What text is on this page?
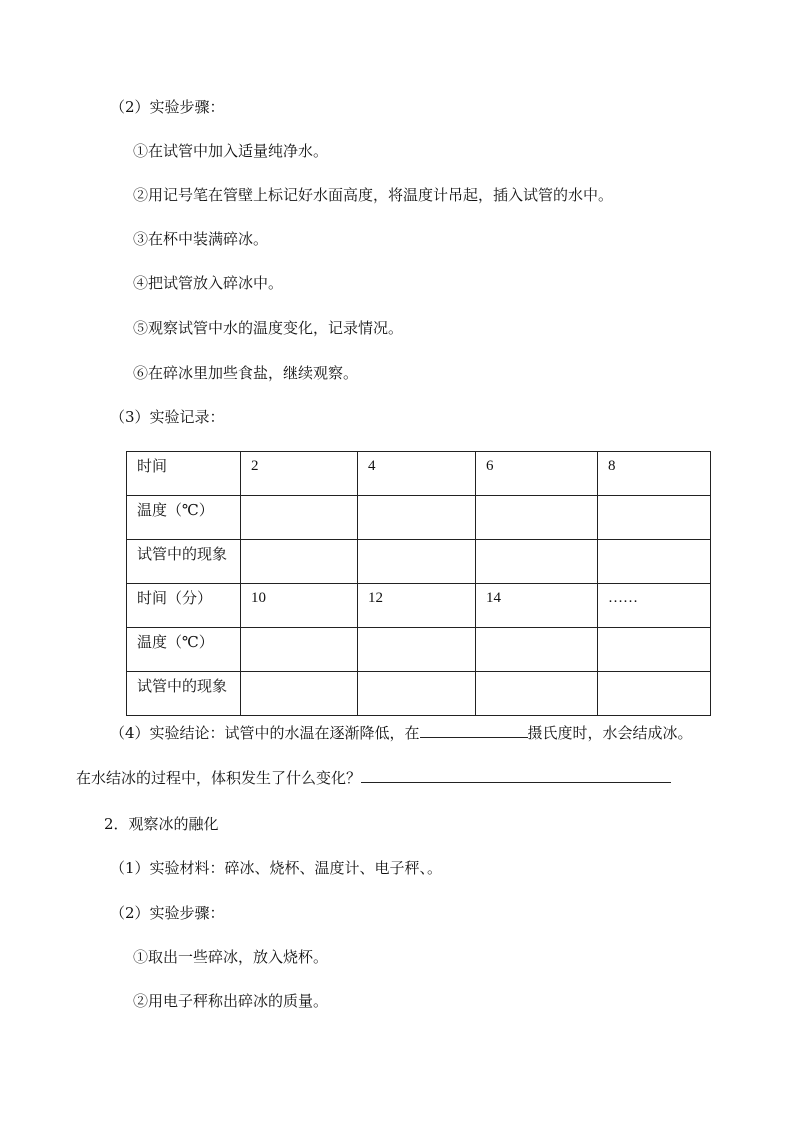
（2）实验步骤：
①在试管中加入适量纯净水。
②用记号笔在管壁上标记好水面高度，将温度计吊起，插入试管的水中。
③在杯中装满碎冰。
④把试管放入碎冰中。
⑤观察试管中水的温度变化，记录情况。
⑥在碎冰里加些食盐，继续观察。
（3）实验记录：
时间	2	4	6	8
温度（℃）				
试管中的现象				
时间（分）	10	12	14	……
温度（℃）				
试管中的现象				
（4）实验结论：试管中的水温在逐渐降低，在	摄氏度时，水会结成冰。
在水结冰的过程中，体积发生了什么变化？
2．观察冰的融化
（1）实验材料：碎冰、烧杯、温度计、电子秤、。
（2）实验步骤：
①取出一些碎冰，放入烧杯。
②用电子秤称出碎冰的质量。
